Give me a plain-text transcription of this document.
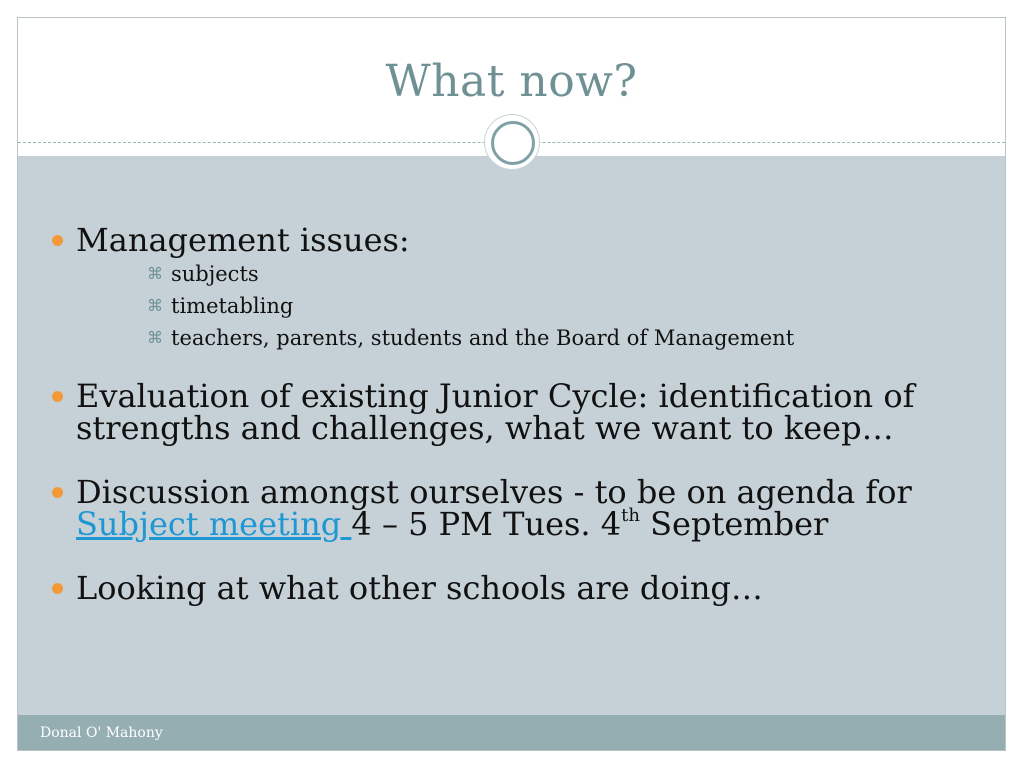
What now?
Management issues:
⌘ subjects
⌘ timetabling
⌘ teachers, parents, students and the Board of Management
Evaluation of existing Junior Cycle: identification of
strengths and challenges, what we want to keep…
Discussion amongst ourselves - to be on agenda for
Subject meeting 4 – 5 PM Tues. 4th September
Looking at what other schools are doing…
Donal O' Mahony
